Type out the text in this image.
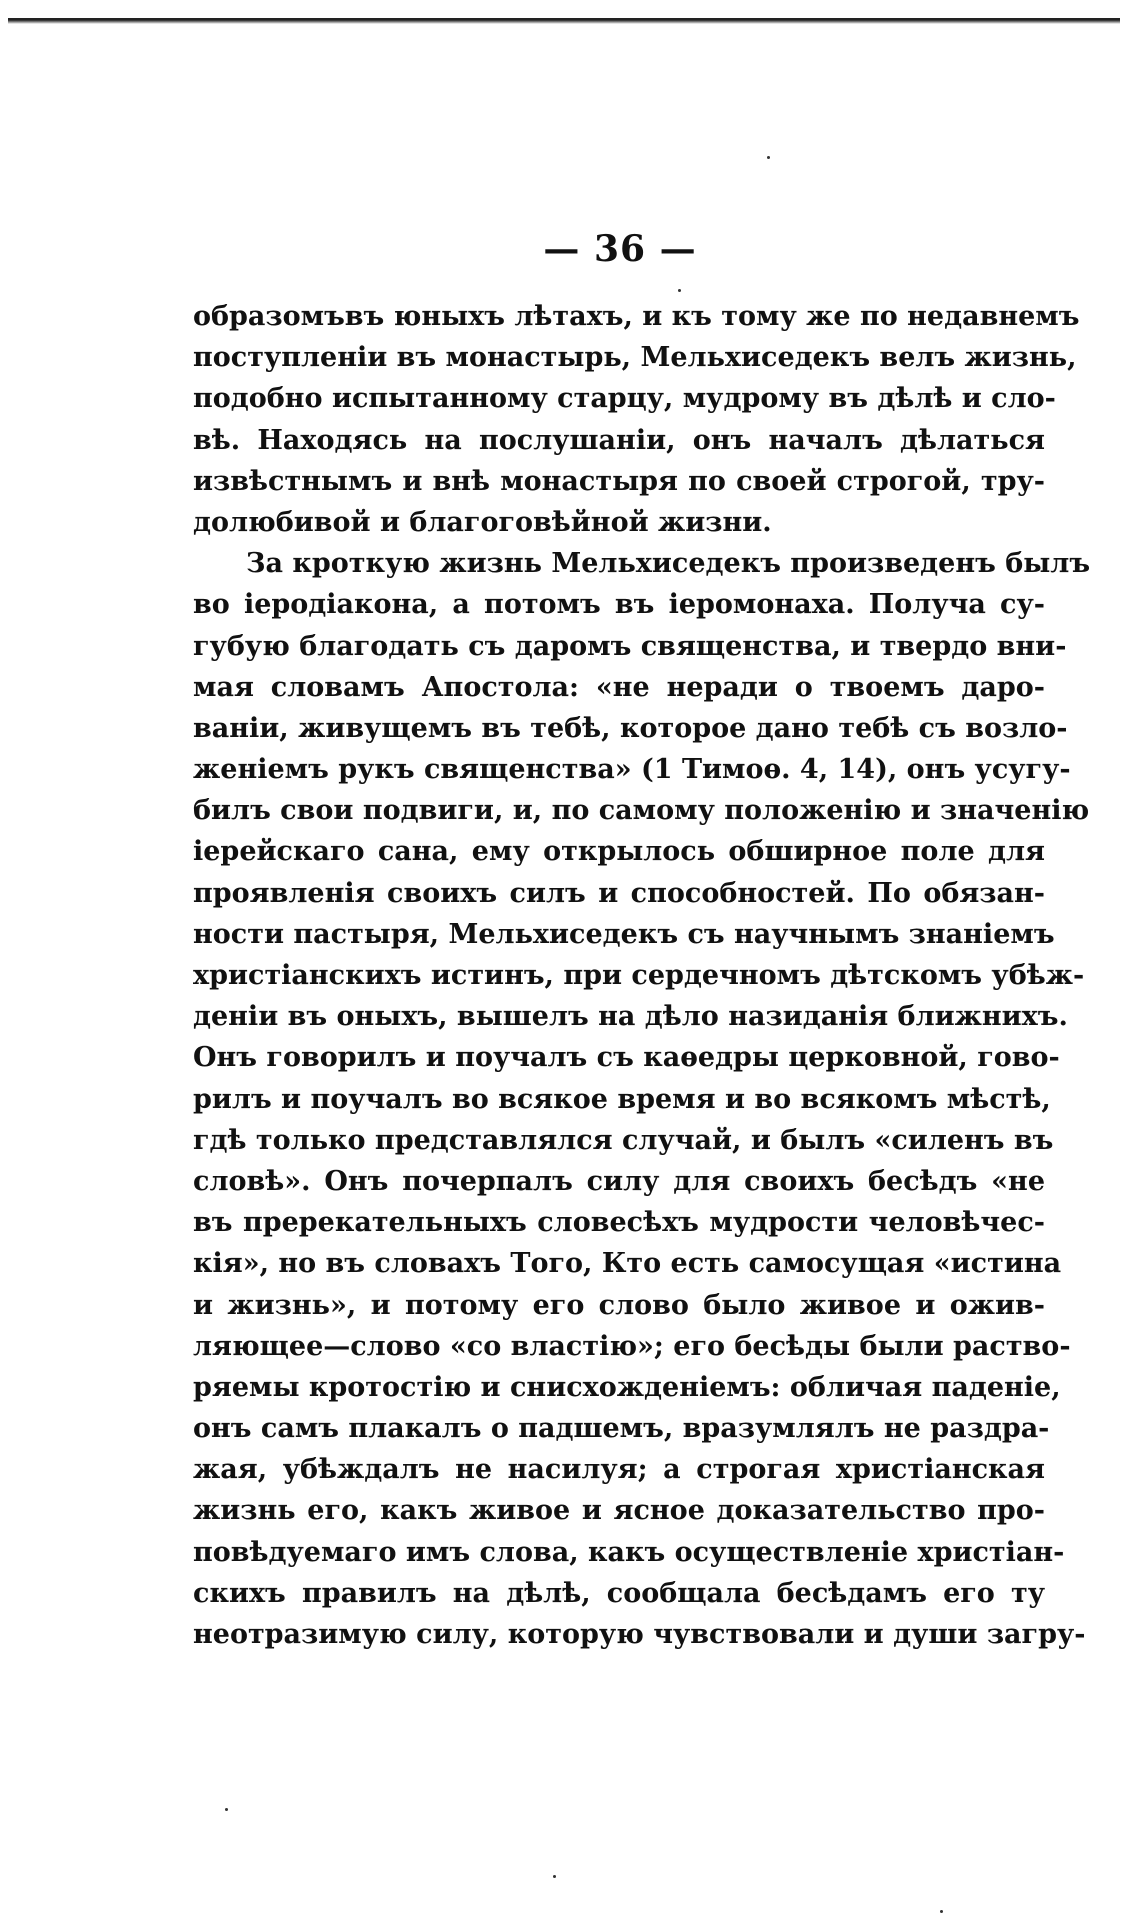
— 36 —
образомъвъ юныхъ лѣтахъ, и къ тому же по недавнемъ
поступленіи въ монастырь, Мельхиседекъ велъ жизнь,
подобно испытанному старцу, мудрому въ дѣлѣ и сло-
вѣ. Находясь на послушаніи, онъ началъ дѣлаться
извѣстнымъ и внѣ монастыря по своей строгой, тру-
долюбивой и благоговѣйной жизни.
За кроткую жизнь Мельхиседекъ произведенъ былъ
во іеродіакона, а потомъ въ іеромонаха. Получа су-
губую благодать съ даромъ священства, и твердо вни-
мая словамъ Апостола: «не неради о твоемъ даро-
ваніи, живущемъ въ тебѣ, которое дано тебѣ съ возло-
женіемъ рукъ священства» (1 Тимоѳ. 4, 14), онъ усугу-
билъ свои подвиги, и, по самому положенію и значенію
іерейскаго сана, ему открылось обширное поле для
проявленія своихъ силъ и способностей. По обязан-
ности пастыря, Мельхиседекъ съ научнымъ знаніемъ
христіанскихъ истинъ, при сердечномъ дѣтскомъ убѣж-
деніи въ оныхъ, вышелъ на дѣло назиданія ближнихъ.
Онъ говорилъ и поучалъ съ каѳедры церковной, гово-
рилъ и поучалъ во всякое время и во всякомъ мѣстѣ,
гдѣ только представлялся случай, и былъ «силенъ въ
словѣ». Онъ почерпалъ силу для своихъ бесѣдъ «не
въ пререкательныхъ словесѣхъ мудрости человѣчес-
кія», но въ словахъ Того, Кто есть самосущая «истина
и жизнь», и потому его слово было живое и ожив-
ляющее—слово «со властію»; его бесѣды были раство-
ряемы кротостію и снисхожденіемъ: обличая паденіе,
онъ самъ плакалъ о падшемъ, вразумлялъ не раздра-
жая, убѣждалъ не насилуя; а строгая христіанская
жизнь его, какъ живое и ясное доказательство про-
повѣдуемаго имъ слова, какъ осуществленіе христіан-
скихъ правилъ на дѣлѣ, сообщала бесѣдамъ его ту
неотразимую силу, которую чувствовали и души загру-
